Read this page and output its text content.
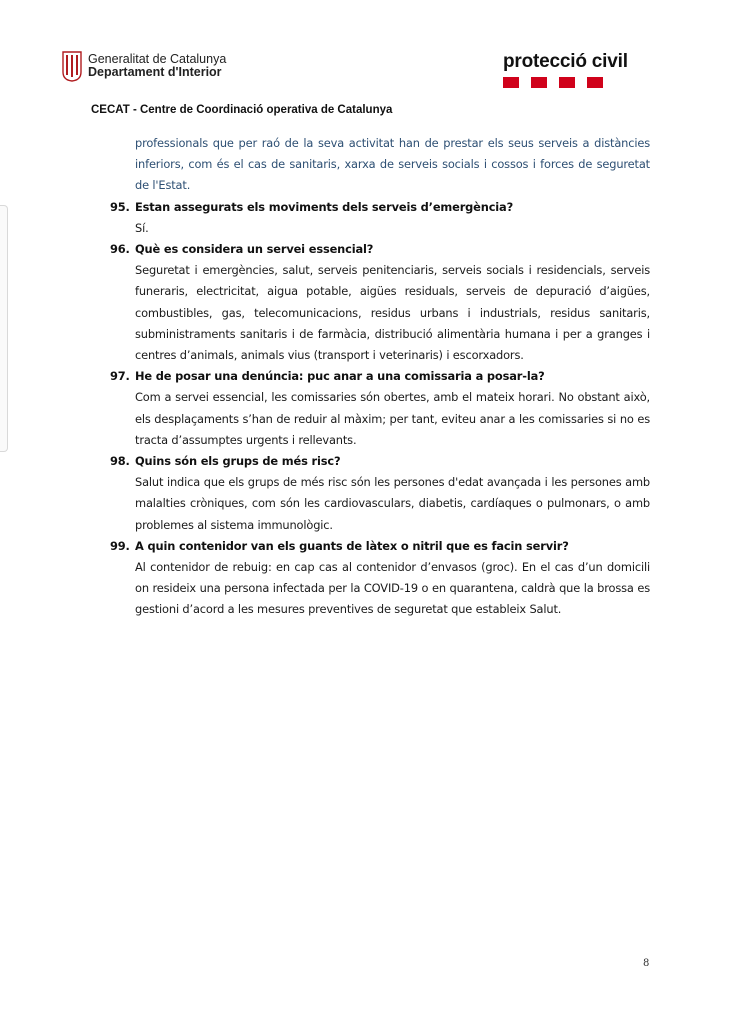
Generalitat de Catalunya
Departament d'Interior	protecció civil
CECAT - Centre de Coordinació operativa de Catalunya
professionals que per raó de la seva activitat han de prestar els seus serveis a distàncies inferiors, com és el cas de sanitaris, xarxa de serveis socials i cossos i forces de seguretat de l'Estat.
95. Estan assegurats els moviments dels serveis d’emergència?
Sí.
96. Què es considera un servei essencial?
Seguretat i emergències, salut, serveis penitenciaris, serveis socials i residencials, serveis funeraris, electricitat, aigua potable, aigües residuals, serveis de depuració d’aigües, combustibles, gas, telecomunicacions, residus urbans i industrials, residus sanitaris, subministraments sanitaris i de farmàcia, distribució alimentària humana i per a granges i centres d’animals, animals vius (transport i veterinaris) i escorxadors.
97. He de posar una denúncia: puc anar a una comissaria a posar-la?
Com a servei essencial, les comissaries són obertes, amb el mateix horari. No obstant això, els desplaçaments s’han de reduir al màxim; per tant, eviteu anar a les comissaries si no es tracta d’assumptes urgents i rellevants.
98. Quins són els grups de més risc?
Salut indica que els grups de més risc són les persones d'edat avançada i les persones amb malalties cròniques, com són les cardiovasculars, diabetis, cardíaques o pulmonars, o amb problemes al sistema immunològic.
99. A quin contenidor van els guants de làtex o nitril que es facin servir?
Al contenidor de rebuig: en cap cas al contenidor d’envasos (groc). En el cas d’un domicili on resideix una persona infectada per la COVID-19 o en quarantena, caldrà que la brossa es gestioni d’acord a les mesures preventives de seguretat que estableix Salut.
8
